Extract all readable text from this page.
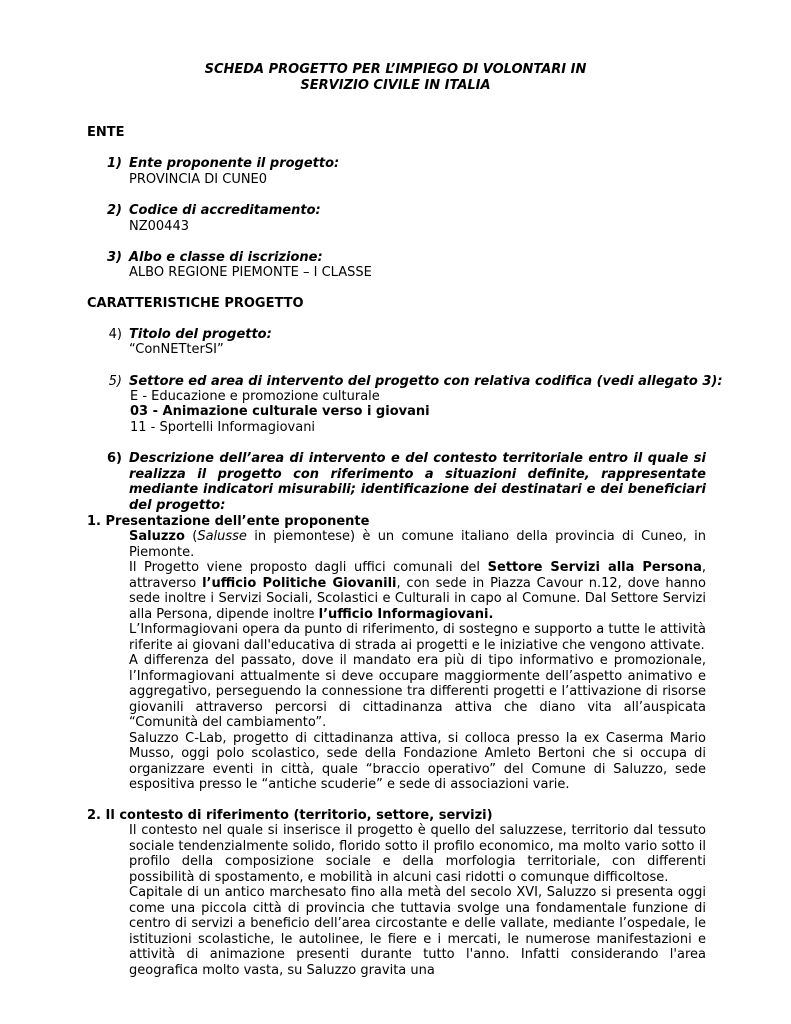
SCHEDA PROGETTO PER L’IMPIEGO DI VOLONTARI IN
SERVIZIO CIVILE IN ITALIA
ENTE
1) Ente proponente il progetto:
PROVINCIA DI CUNE0
2) Codice di accreditamento:
NZ00443
3) Albo e classe di iscrizione:
ALBO REGIONE PIEMONTE – I CLASSE
CARATTERISTICHE PROGETTO
4) Titolo del progetto:
“ConNETterSI”
5) Settore ed area di intervento del progetto con relativa codifica (vedi allegato 3):
E - Educazione e promozione culturale
03 - Animazione culturale verso i giovani
11 - Sportelli Informagiovani
6) Descrizione dell’area di intervento e del contesto territoriale entro il quale si realizza il progetto con riferimento a situazioni definite, rappresentate mediante indicatori misurabili; identificazione dei destinatari e dei beneficiari del progetto:
1. Presentazione dell’ente proponente

Saluzzo (Salusse in piemontese) è un comune italiano della provincia di Cuneo, in Piemonte.

Il Progetto viene proposto dagli uffici comunali del Settore Servizi alla Persona, attraverso l’ufficio Politiche Giovanili, con sede in Piazza Cavour n.12, dove hanno sede inoltre i Servizi Sociali, Scolastici e Culturali in capo al Comune. Dal Settore Servizi alla Persona, dipende inoltre l’ufficio Informagiovani.

L’Informagiovani opera da punto di riferimento, di sostegno e supporto a tutte le attività riferite ai giovani dall'educativa di strada ai progetti e le iniziative che vengono attivate.

A differenza del passato, dove il mandato era più di tipo informativo e promozionale, l’Informagiovani attualmente si deve occupare maggiormente dell’aspetto animativo e aggregativo, perseguendo la connessione tra differenti progetti e l’attivazione di risorse giovanili attraverso percorsi di cittadinanza attiva che diano vita all’auspicata “Comunità del cambiamento”.

Saluzzo C-Lab, progetto di cittadinanza attiva, si colloca presso la ex Caserma Mario Musso, oggi polo scolastico, sede della Fondazione Amleto Bertoni che si occupa di organizzare eventi in città, quale “braccio operativo” del Comune di Saluzzo, sede espositiva presso le “antiche scuderie” e sede di associazioni varie.

2. Il contesto di riferimento (territorio, settore, servizi)

Il contesto nel quale si inserisce il progetto è quello del saluzzese, territorio dal tessuto sociale tendenzialmente solido, florido sotto il profilo economico, ma molto vario sotto il profilo della composizione sociale e della morfologia territoriale, con differenti possibilità di spostamento, e mobilità in alcuni casi ridotti o comunque difficoltose.

Capitale di un antico marchesato fino alla metà del secolo XVI, Saluzzo si presenta oggi come una piccola città di provincia che tuttavia svolge una fondamentale funzione di centro di servizi a beneficio dell’area circostante e delle vallate, mediante l’ospedale, le istituzioni scolastiche, le autolinee, le fiere e i mercati, le numerose manifestazioni e attività di animazione presenti durante tutto l'anno. Infatti considerando l'area geografica molto vasta, su Saluzzo gravita una
